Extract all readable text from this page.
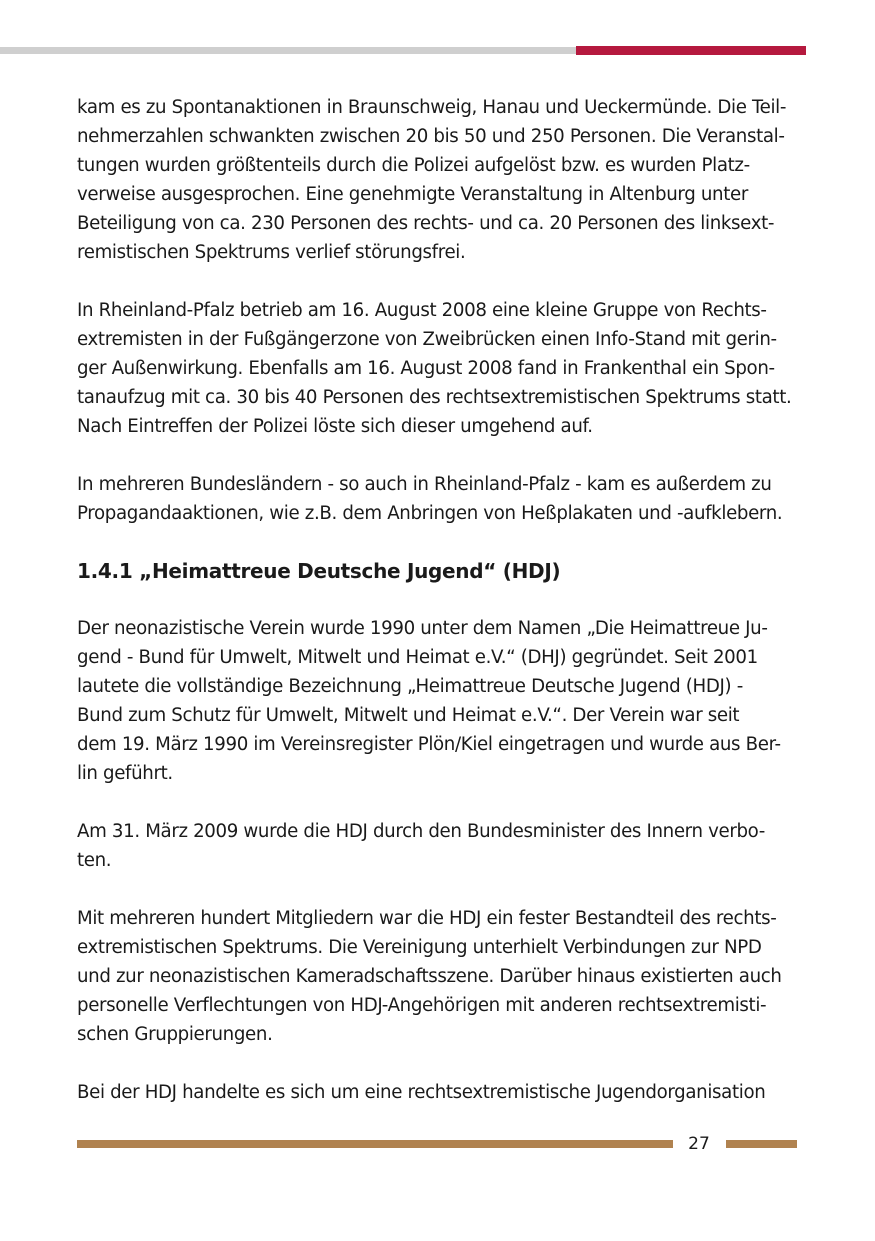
kam es zu Spontanaktionen in Braunschweig, Hanau und Ueckermünde. Die Teil-
nehmerzahlen schwankten zwischen 20 bis 50 und 250 Personen. Die Veranstal-
tungen wurden größtenteils durch die Polizei aufgelöst bzw. es wurden Platz-
verweise ausgesprochen. Eine genehmigte Veranstaltung in Altenburg unter
Beteiligung von ca. 230 Personen des rechts- und ca. 20 Personen des linksext-
remistischen Spektrums verlief störungsfrei.

In Rheinland-Pfalz betrieb am 16. August 2008 eine kleine Gruppe von Rechts-
extremisten in der Fußgängerzone von Zweibrücken einen Info-Stand mit gerin-
ger Außenwirkung. Ebenfalls am 16. August 2008 fand in Frankenthal ein Spon-
tanaufzug mit ca. 30 bis 40 Personen des rechtsextremistischen Spektrums statt.
Nach Eintreffen der Polizei löste sich dieser umgehend auf.

In mehreren Bundesländern - so auch in Rheinland-Pfalz - kam es außerdem zu
Propagandaaktionen, wie z.B. dem Anbringen von Heßplakaten und -aufklebern.

1.4.1 „Heimattreue Deutsche Jugend“ (HDJ)

Der neonazistische Verein wurde 1990 unter dem Namen „Die Heimattreue Ju-
gend - Bund für Umwelt, Mitwelt und Heimat e.V.“ (DHJ) gegründet. Seit 2001
lautete die vollständige Bezeichnung „Heimattreue Deutsche Jugend (HDJ) -
Bund zum Schutz für Umwelt, Mitwelt und Heimat e.V.“. Der Verein war seit
dem 19. März 1990 im Vereinsregister Plön/Kiel eingetragen und wurde aus Ber-
lin geführt.

Am 31. März 2009 wurde die HDJ durch den Bundesminister des Innern verbo-
ten.

Mit mehreren hundert Mitgliedern war die HDJ ein fester Bestandteil des rechts-
extremistischen Spektrums. Die Vereinigung unterhielt Verbindungen zur NPD
und zur neonazistischen Kameradschaftsszene. Darüber hinaus existierten auch
personelle Verflechtungen von HDJ-Angehörigen mit anderen rechtsextremisti-
schen Gruppierungen.

Bei der HDJ handelte es sich um eine rechtsextremistische Jugendorganisation

27
